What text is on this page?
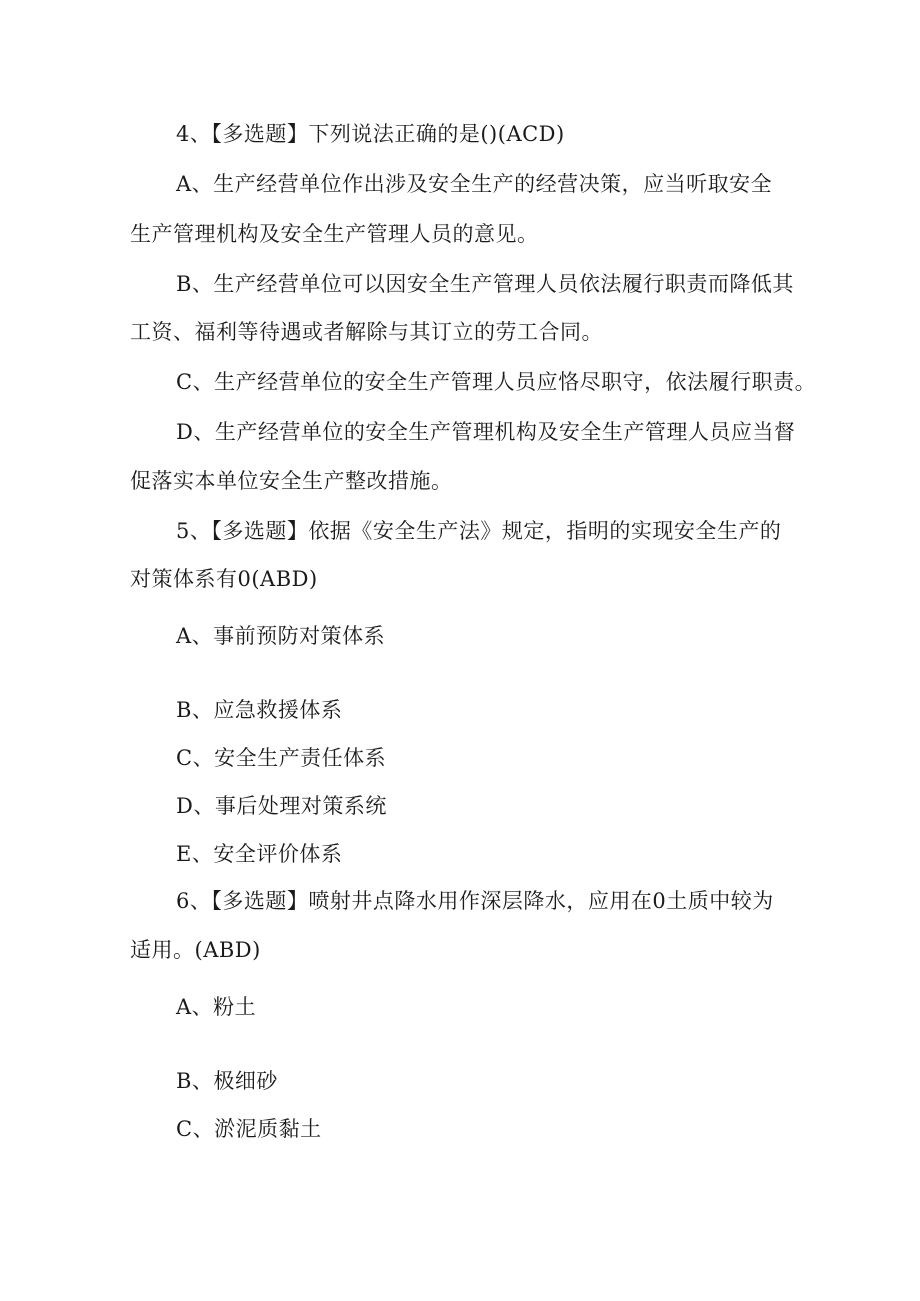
4、【多选题】下列说法正确的是()(ACD)
A、生产经营单位作出涉及安全生产的经营决策，应当听取安全
生产管理机构及安全生产管理人员的意见。
B、生产经营单位可以因安全生产管理人员依法履行职责而降低其
工资、福利等待遇或者解除与其订立的劳工合同。
C、生产经营单位的安全生产管理人员应恪尽职守，依法履行职责。
D、生产经营单位的安全生产管理机构及安全生产管理人员应当督
促落实本单位安全生产整改措施。
5、【多选题】依据《安全生产法》规定，指明的实现安全生产的
对策体系有0(ABD)
A、事前预防对策体系
B、应急救援体系
C、安全生产责任体系
D、事后处理对策系统
E、安全评价体系
6、【多选题】喷射井点降水用作深层降水，应用在0土质中较为
适用。(ABD)
A、粉土
B、极细砂
C、淤泥质黏土
